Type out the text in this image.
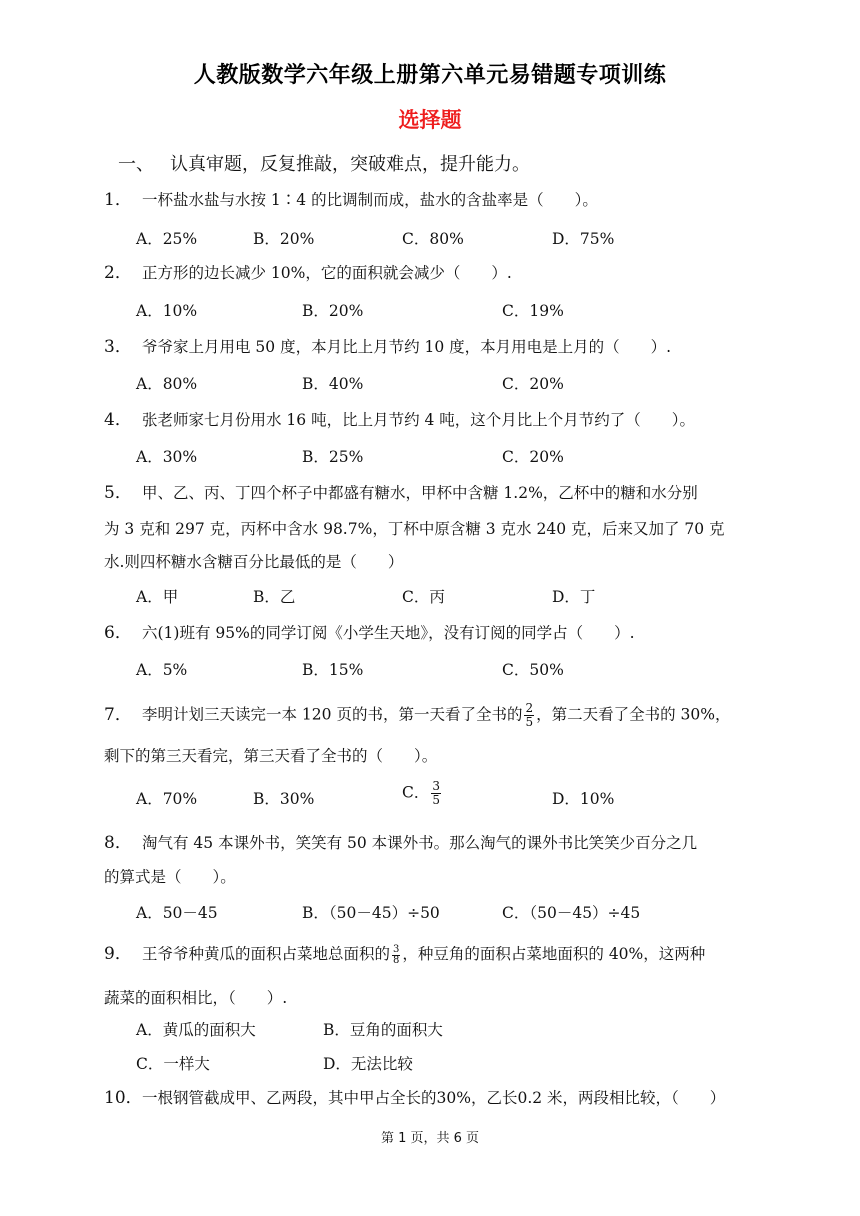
人教版数学六年级上册第六单元易错题专项训练
选择题
一、 认真审题，反复推敲，突破难点，提升能力。
1． 一杯盐水盐与水按 1∶4 的比调制而成，盐水的含盐率是（　　）。
A．25%	B．20%	C．80%	D．75%
2． 正方形的边长减少 10%，它的面积就会减少（　　）.
A．10%	B．20%	C．19%
3． 爷爷家上月用电 50 度，本月比上月节约 10 度，本月用电是上月的（　　）.
A．80%	B．40%	C．20%
4． 张老师家七月份用水 16 吨，比上月节约 4 吨，这个月比上个月节约了（　　）。
A．30%	B．25%	C．20%
5． 甲、乙、丙、丁四个杯子中都盛有糖水，甲杯中含糖 1.2%，乙杯中的糖和水分别
为 3 克和 297 克，丙杯中含水 98.7%，丁杯中原含糖 3 克水 240 克，后来又加了 70 克
水.则四杯糖水含糖百分比最低的是（　　）
A．甲	B．乙	C．丙	D．丁
6． 六(1)班有 95%的同学订阅《小学生天地》，没有订阅的同学占（　　）.
A．5%	B．15%	C．50%
7． 李明计划三天读完一本 120 页的书，第一天看了全书的 $\frac{2}{5}$ ，第二天看了全书的 30%，
剩下的第三天看完，第三天看了全书的（　　）。
A．70%	B．30%	C． $\frac{3}{5}$	D．10%
8． 淘气有 45 本课外书，笑笑有 50 本课外书。那么淘气的课外书比笑笑少百分之几
的算式是（　　）。
A．50－45	B．（50－45）÷50	C．（50－45）÷45
9． 王爷爷种黄瓜的面积占菜地总面积的 $\frac{3}{8}$ ，种豆角的面积占菜地面积的 40%，这两种
蔬菜的面积相比，（　　）.
A．黄瓜的面积大	B．豆角的面积大
C．一样大	D．无法比较
10．一根钢管截成甲、乙两段，其中甲占全长的30%，乙长0.2 米，两段相比较，（　　）
第 1 页，共 6 页
